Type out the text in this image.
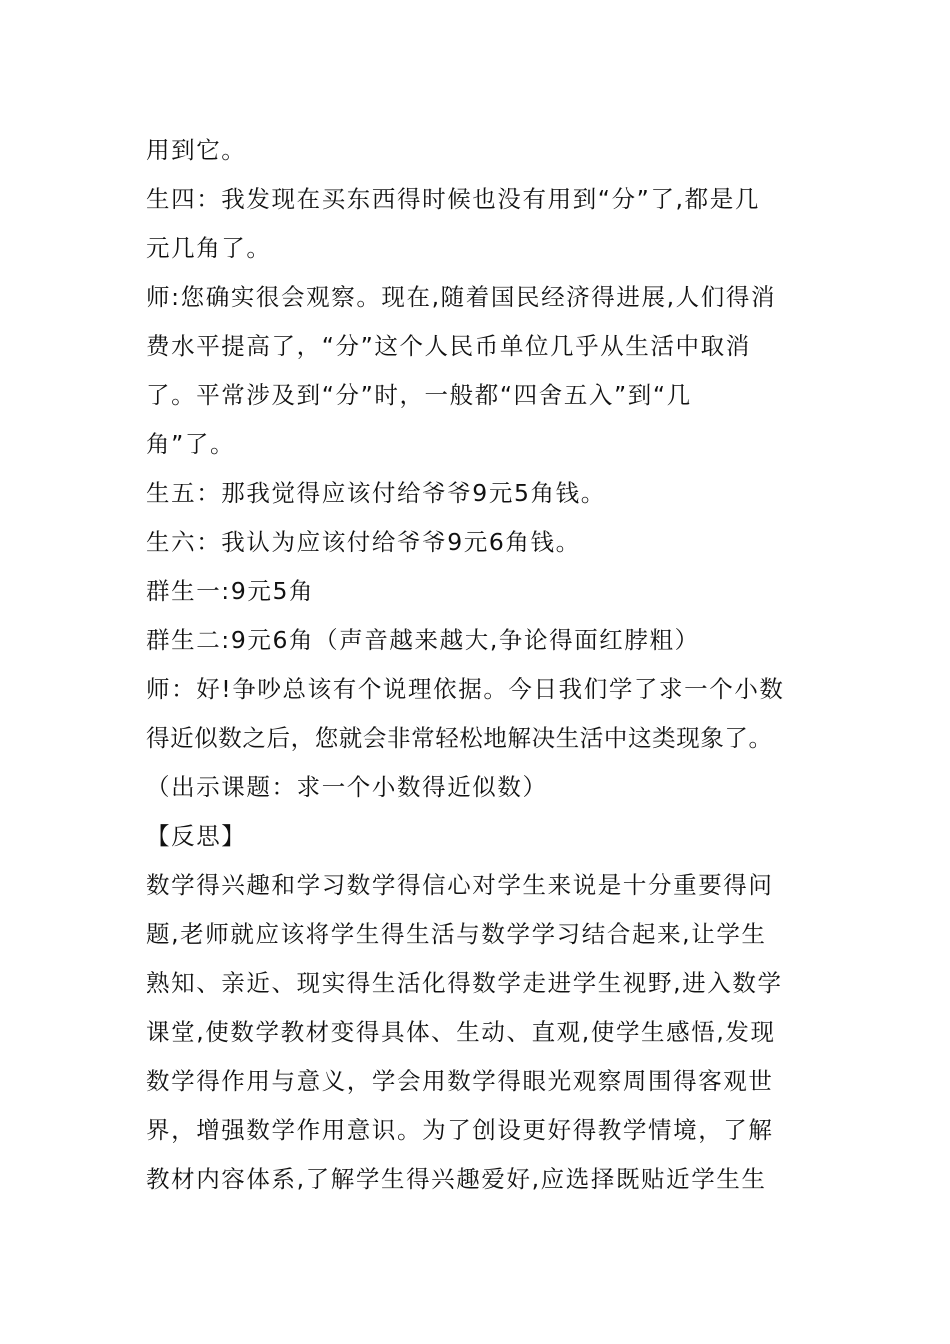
用到它。
生四：我发现在买东西得时候也没有用到“分”了,都是几
元几角了。
师:您确实很会观察。现在,随着国民经济得进展,人们得消
费水平提高了，“分”这个人民币单位几乎从生活中取消
了。平常涉及到“分”时，一般都“四舍五入”到“几
角”了。
生五：那我觉得应该付给爷爷9元5角钱。
生六：我认为应该付给爷爷9元6角钱。
群生一:9元5角
群生二:9元6角（声音越来越大,争论得面红脖粗）
师：好!争吵总该有个说理依据。今日我们学了求一个小数
得近似数之后，您就会非常轻松地解决生活中这类现象了。
（出示课题：求一个小数得近似数）
【反思】
数学得兴趣和学习数学得信心对学生来说是十分重要得问
题,老师就应该将学生得生活与数学学习结合起来,让学生
熟知、亲近、现实得生活化得数学走进学生视野,进入数学
课堂,使数学教材变得具体、生动、直观,使学生感悟,发现
数学得作用与意义，学会用数学得眼光观察周围得客观世
界，增强数学作用意识。为了创设更好得教学情境，了解
教材内容体系,了解学生得兴趣爱好,应选择既贴近学生生
